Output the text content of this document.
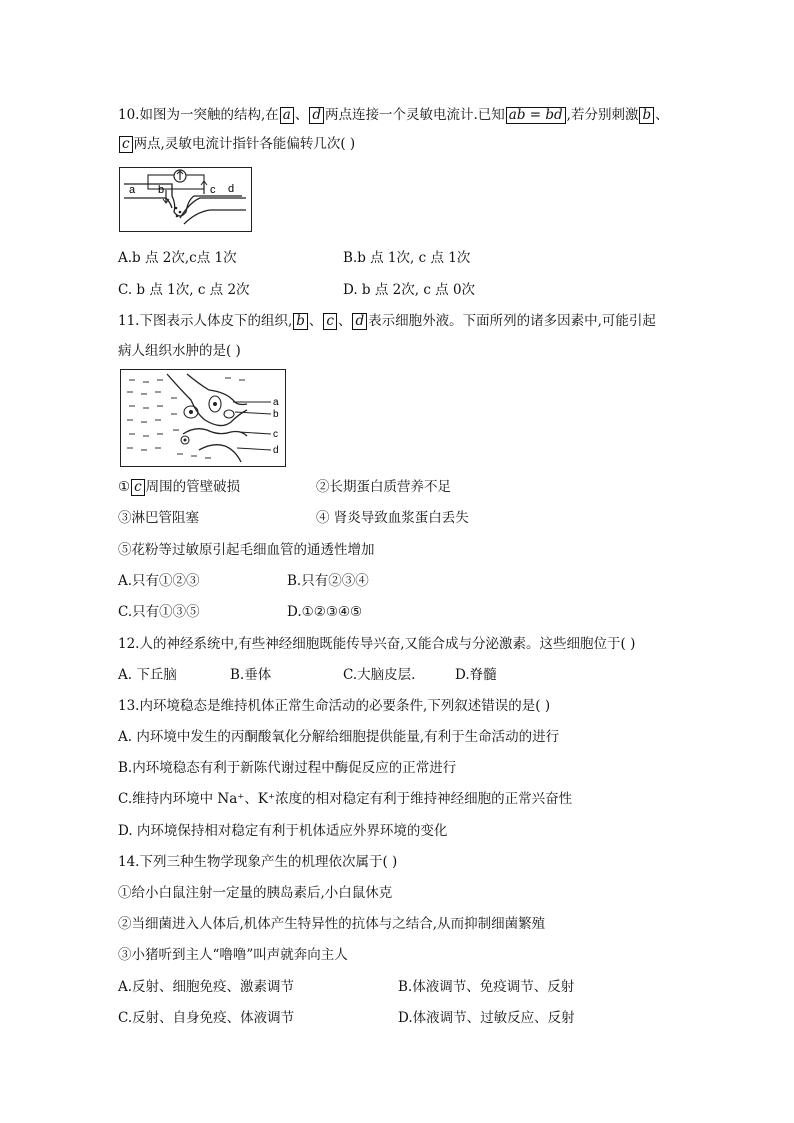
10.如图为一突触的结构,在 a 、 d 两点连接一个灵敏电流计.已知 ab = bd ,若分别刺激 b 、
c 两点,灵敏电流计指针各能偏转几次( )
a b	c d
A.b 点 2次,c点 1次	B.b 点 1次, c 点 1次
C. b 点 1次, c 点 2次	D. b 点 2次, c 点 0次
11.下图表示人体皮下的组织, b 、 c 、 d 表示细胞外液。下面所列的诸多因素中,可能引起
病人组织水肿的是( )
a
b
c
d
① c 周围的管壁破损	②长期蛋白质营养不足
③淋巴管阻塞	④ 肾炎导致血浆蛋白丢失
⑤花粉等过敏原引起毛细血管的通透性增加
A.只有①②③	B.只有②③④
C.只有①③⑤	D.①②③④⑤
12.人的神经系统中,有些神经细胞既能传导兴奋,又能合成与分泌激素。这些细胞位于( )
A. 下丘脑	B.垂体	C.大脑皮层.	D.脊髓
13.内环境稳态是维持机体正常生命活动的必要条件,下列叙述错误的是( )
A. 内环境中发生的丙酮酸氧化分解给细胞提供能量,有利于生命活动的进行
B.内环境稳态有利于新陈代谢过程中酶促反应的正常进行
C.维持内环境中 Na⁺、K⁺浓度的相对稳定有利于维持神经细胞的正常兴奋性
D. 内环境保持相对稳定有利于机体适应外界环境的变化
14.下列三种生物学现象产生的机理依次属于( )
①给小白鼠注射一定量的胰岛素后,小白鼠休克
②当细菌进入人体后,机体产生特异性的抗体与之结合,从而抑制细菌繁殖
③小猪听到主人“噜噜”叫声就奔向主人
A.反射、细胞免疫、激素调节	B.体液调节、免疫调节、反射
C.反射、自身免疫、体液调节	D.体液调节、过敏反应、反射
